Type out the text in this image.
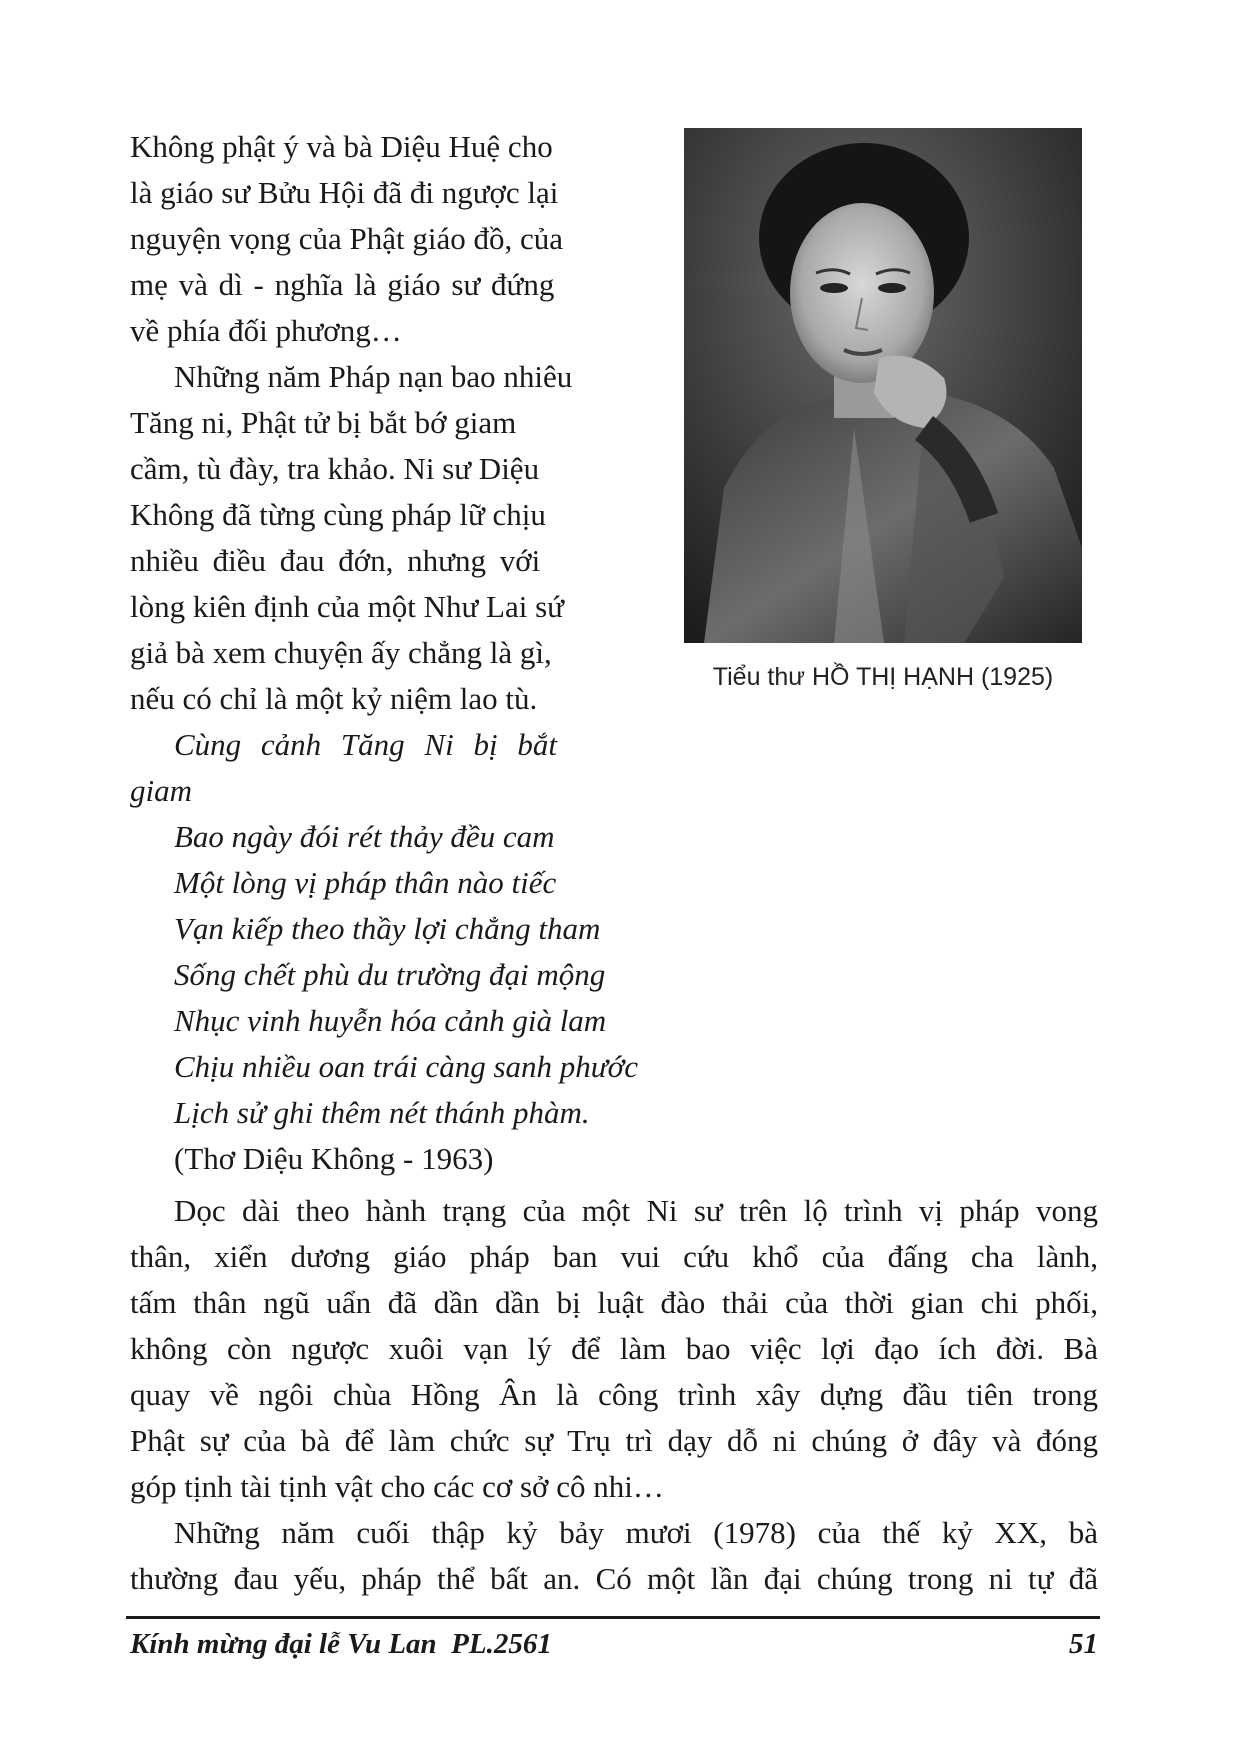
Không phật ý và bà Diệu Huệ cho
là giáo sư Bửu Hội đã đi ngược lại
nguyện vọng của Phật giáo đồ, của
mẹ và dì - nghĩa là giáo sư đứng
về phía đối phương…
Những năm Pháp nạn bao nhiêu
Tăng ni, Phật tử bị bắt bớ giam
cầm, tù đày, tra khảo. Ni sư Diệu
Không đã từng cùng pháp lữ chịu
nhiều điều đau đớn, nhưng với
lòng kiên định của một Như Lai sứ
giả bà xem chuyện ấy chẳng là gì,
nếu có chỉ là một kỷ niệm lao tù.
Cùng cảnh Tăng Ni bị bắt
giam
Bao ngày đói rét thảy đều cam
Một lòng vị pháp thân nào tiếc
Vạn kiếp theo thầy lợi chẳng tham
Sống chết phù du trường đại mộng
Nhục vinh huyễn hóa cảnh già lam
Chịu nhiều oan trái càng sanh phước
Lịch sử ghi thêm nét thánh phàm.
(Thơ Diệu Không - 1963)
Tiểu thư HỒ THỊ HẠNH (1925)

Dọc dài theo hành trạng của một Ni sư trên lộ trình vị pháp vong

thân, xiển dương giáo pháp ban vui cứu khổ của đấng cha lành,

tấm thân ngũ uẩn đã dần dần bị luật đào thải của thời gian chi phối,

không còn ngược xuôi vạn lý để làm bao việc lợi đạo ích đời. Bà

quay về ngôi chùa Hồng Ân là công trình xây dựng đầu tiên trong

Phật sự của bà để làm chức sự Trụ trì dạy dỗ ni chúng ở đây và đóng

góp tịnh tài tịnh vật cho các cơ sở cô nhi…

Những năm cuối thập kỷ bảy mươi (1978) của thế kỷ XX, bà

thường đau yếu, pháp thể bất an. Có một lần đại chúng trong ni tự đã

Kính mừng đại lễ Vu Lan  PL.2561	51
